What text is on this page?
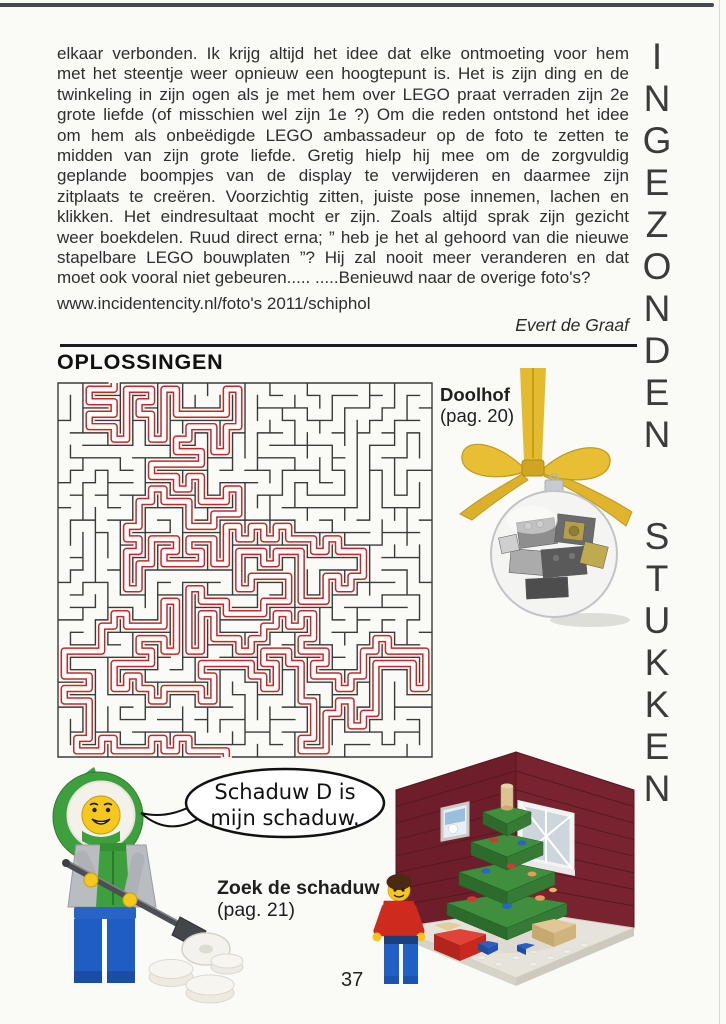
elkaar verbonden. Ik krijg altijd het idee dat elke ontmoeting voor hem
met het steentje weer opnieuw een hoogtepunt is. Het is zijn ding en de
twinkeling in zijn ogen als je met hem over LEGO praat verraden zijn 2e
grote liefde (of misschien wel zijn 1e ?) Om die reden ontstond het idee
om hem als onbeëdigde LEGO ambassadeur op de foto te zetten te
midden van zijn grote liefde. Gretig hielp hij mee om de zorgvuldig
geplande boompjes van de display te verwijderen en daarmee zijn
zitplaats te creëren. Voorzichtig zitten, juiste pose innemen, lachen en
klikken. Het eindresultaat mocht er zijn. Zoals altijd sprak zijn gezicht
weer boekdelen. Ruud direct erna; ” heb je het al gehoord van die nieuwe
stapelbare LEGO bouwplaten ”? Hij zal nooit meer veranderen en dat
moet ook vooral niet gebeuren..... .....Benieuwd naar de overige foto's?
www.incidentencity.nl/foto's 2011/schiphol
Evert de Graaf
OPLOSSINGEN
Doolhof
(pag. 20)
I
N
G
E
Z
O
N
D
E
N
S
T
U
K
K
E
N
Schaduw D is
mijn schaduw.
Zoek de schaduw
(pag. 21)
37
